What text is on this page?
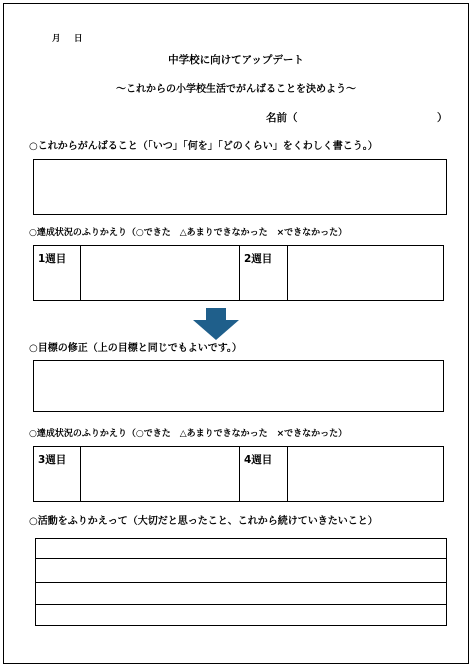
月 日
中学校に向けてアップデート
〜これからの小学校生活でがんばることを決めよう〜
名前（	）
○これからがんばること（「いつ」「何を」「どのくらい」をくわしく書こう。）
○達成状況のふりかえり（○できた　△あまりできなかった　×できなかった）
1週目	2週目
○目標の修正（上の目標と同じでもよいです。）
○達成状況のふりかえり（○できた　△あまりできなかった　×できなかった）
3週目	4週目
○活動をふりかえって（大切だと思ったこと、これから続けていきたいこと）
